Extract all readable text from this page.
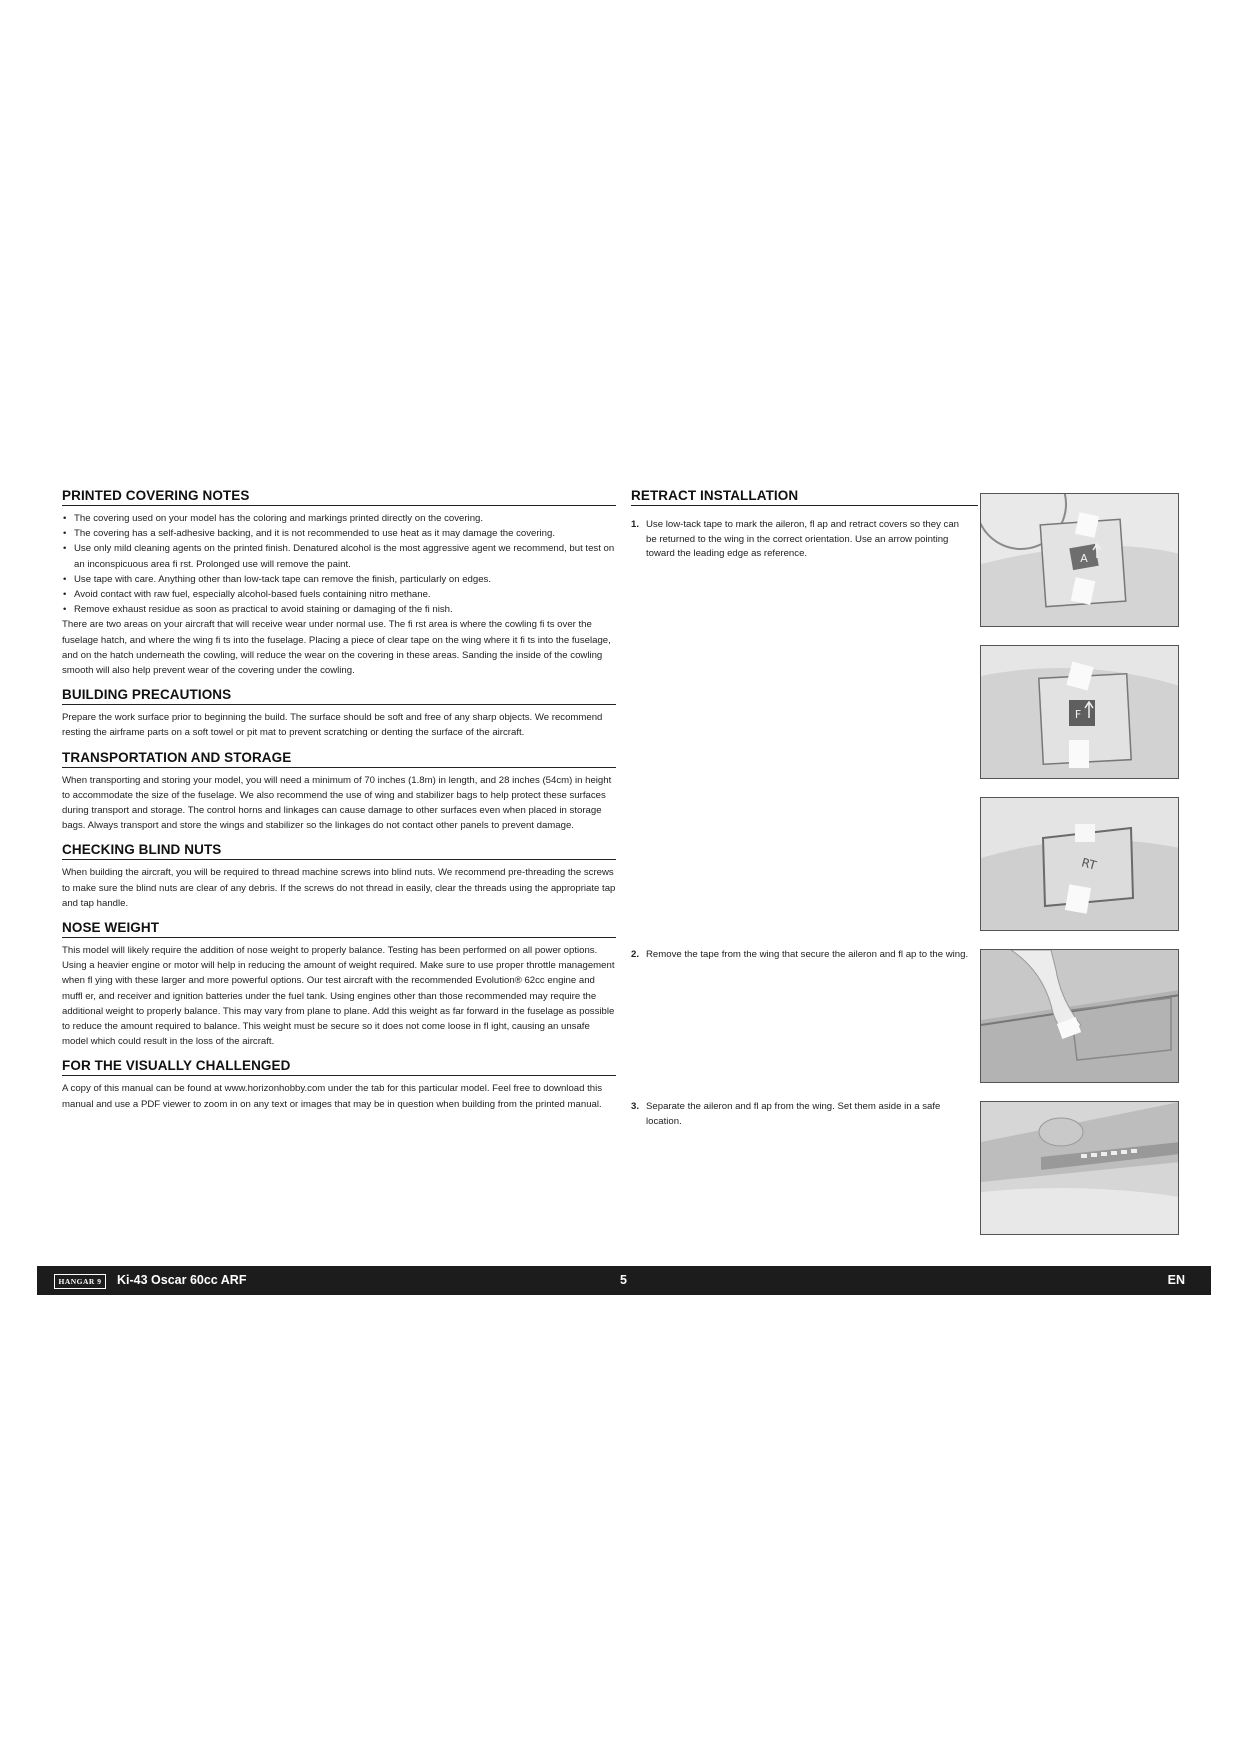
PRINTED COVERING NOTES
• The covering used on your model has the coloring and markings printed directly on the covering.
• The covering has a self-adhesive backing, and it is not recommended to use heat as it may damage the covering.
• Use only mild cleaning agents on the printed finish. Denatured alcohol is the most aggressive agent we recommend, but test on an inconspicuous area fi rst. Prolonged use will remove the paint.
• Use tape with care. Anything other than low-tack tape can remove the finish, particularly on edges.
• Avoid contact with raw fuel, especially alcohol-based fuels containing nitro methane.
• Remove exhaust residue as soon as practical to avoid staining or damaging of the fi nish.

There are two areas on your aircraft that will receive wear under normal use. The fi rst area is where the cowling fi ts over the fuselage hatch, and where the wing fi ts into the fuselage. Placing a piece of clear tape on the wing where it fi ts into the fuselage, and on the hatch underneath the cowling, will reduce the wear on the covering in these areas. Sanding the inside of the cowling smooth will also help prevent wear of the covering under the cowling.

BUILDING PRECAUTIONS

Prepare the work surface prior to beginning the build. The surface should be soft and free of any sharp objects. We recommend resting the airframe parts on a soft towel or pit mat to prevent scratching or denting the surface of the aircraft.

TRANSPORTATION AND STORAGE

When transporting and storing your model, you will need a minimum of 70 inches (1.8m) in length, and 28 inches (54cm) in height to accommodate the size of the fuselage. We also recommend the use of wing and stabilizer bags to help protect these surfaces during transport and storage. The control horns and linkages can cause damage to other surfaces even when placed in storage bags. Always transport and store the wings and stabilizer so the linkages do not contact other panels to prevent damage.

CHECKING BLIND NUTS

When building the aircraft, you will be required to thread machine screws into blind nuts. We recommend pre-threading the screws to make sure the blind nuts are clear of any debris. If the screws do not thread in easily, clear the threads using the appropriate tap and tap handle.

NOSE WEIGHT

This model will likely require the addition of nose weight to properly balance. Testing has been performed on all power options. Using a heavier engine or motor will help in reducing the amount of weight required. Make sure to use proper throttle management when fl ying with these larger and more powerful options. Our test aircraft with the recommended Evolution® 62cc engine and muffl er, and receiver and ignition batteries under the fuel tank. Using engines other than those recommended may require the additional weight to properly balance. This may vary from plane to plane. Add this weight as far forward in the fuselage as possible to reduce the amount required to balance. This weight must be secure so it does not come loose in fl ight, causing an unsafe model which could result in the loss of the aircraft.

FOR THE VISUALLY CHALLENGED

A copy of this manual can be found at www.horizonhobby.com under the tab for this particular model. Feel free to download this manual and use a PDF viewer to zoom in on any text or images that may be in question when building from the printed manual.

RETRACT INSTALLATION
1. Use low-tack tape to mark the aileron, fl ap and retract covers so they can be returned to the wing in the correct orientation. Use an arrow pointing toward the leading edge as reference.
2. Remove the tape from the wing that secure the aileron and fl ap to the wing.
3. Separate the aileron and fl ap from the wing. Set them aside in a safe location.
A
F
RT
HANGAR 9	Ki-43 Oscar 60cc ARF	5	EN
